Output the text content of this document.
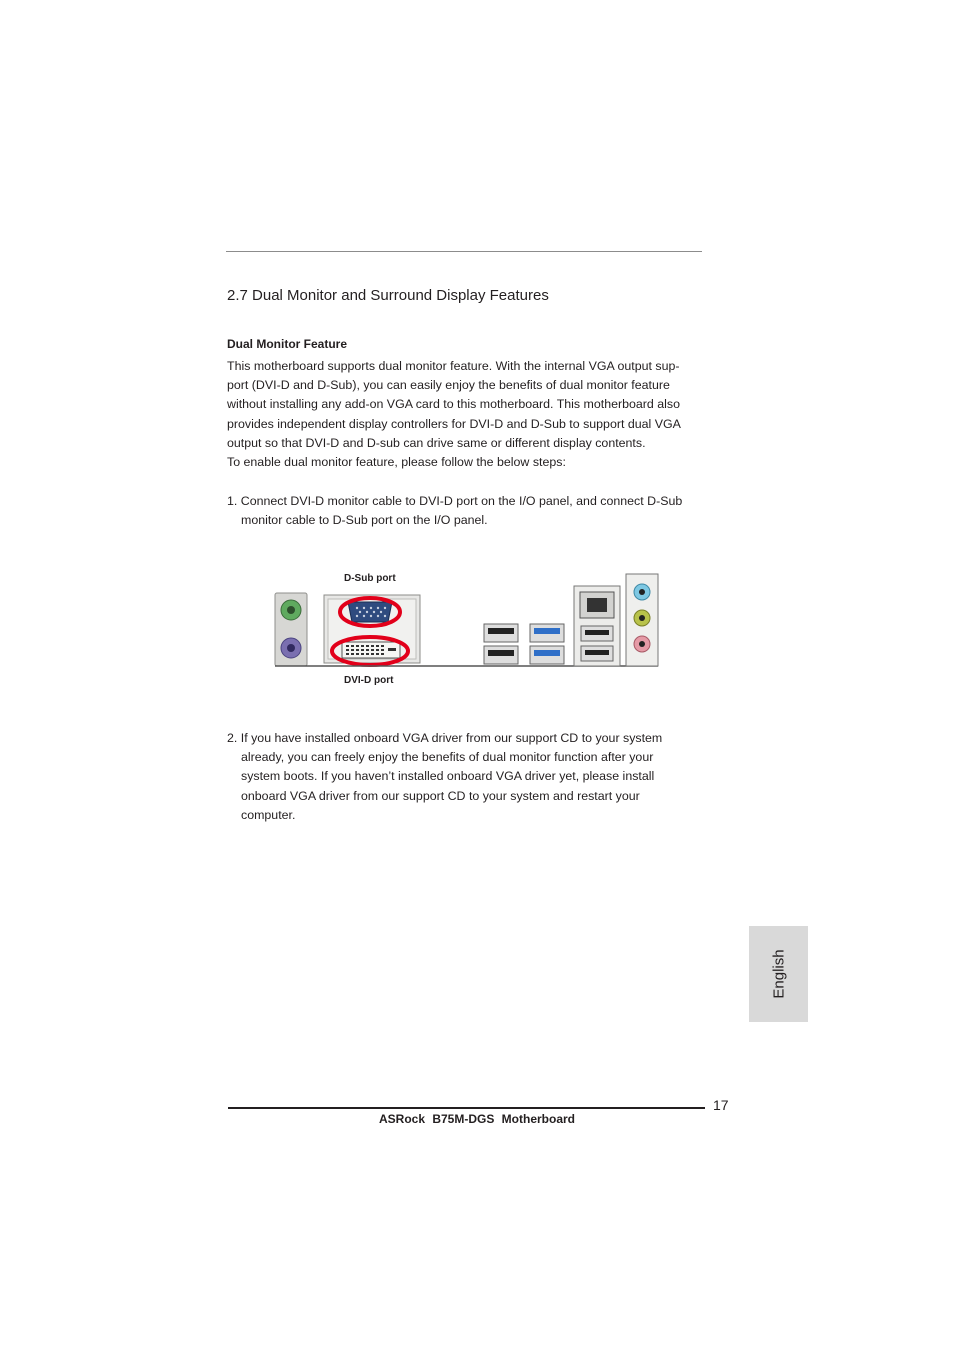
2.7 Dual Monitor and Surround Display Features
Dual Monitor Feature
This motherboard supports dual monitor feature. With the internal VGA output sup-
port (DVI-D and D-Sub), you can easily enjoy the benefits of dual monitor feature
without installing any add-on VGA card to this motherboard. This motherboard also
provides independent display controllers for DVI-D and D-Sub to support dual VGA
output so that DVI-D and D-sub can drive same or different display contents.
To enable dual monitor feature, please follow the below steps:
1. Connect DVI-D monitor cable to DVI-D port on the I/O panel, and connect D-Sub
monitor cable to D-Sub port on the I/O panel.
D-Sub port
DVI-D port
2. If you have installed onboard VGA driver from our support CD to your system
already, you can freely enjoy the benefits of dual monitor function after your
system boots. If you haven’t installed onboard VGA driver yet, please install
onboard VGA driver from our support CD to your system and restart your
computer.
English
17
ASRock B75M-DGS Motherboard
